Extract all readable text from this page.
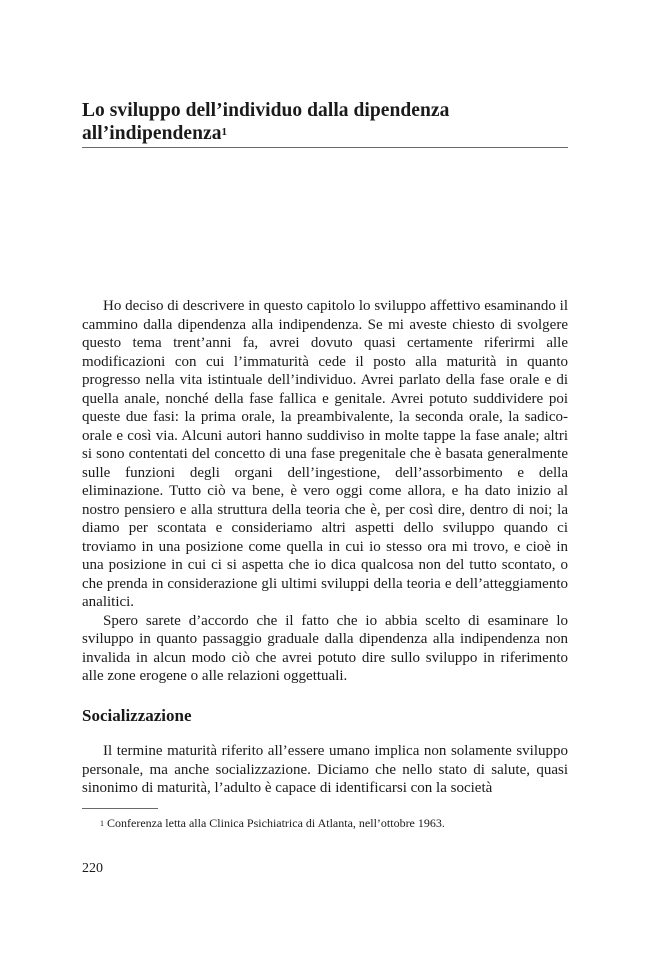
Lo sviluppo dell’individuo dalla dipendenza all’indipendenza$^1$

Ho deciso di descrivere in questo capitolo lo sviluppo affettivo esaminando il cammino dalla dipendenza alla indipendenza. Se mi aveste chiesto di svolgere questo tema trent’anni fa, avrei dovuto quasi certamente riferirmi alle modificazioni con cui l’immaturità cede il posto alla maturità in quanto progresso nella vita istintuale dell’individuo. Avrei parlato della fase orale e di quella anale, nonché della fase fallica e genitale. Avrei potuto suddividere poi queste due fasi: la prima orale, la preambivalente, la seconda orale, la sadico-orale e così via. Alcuni autori hanno suddiviso in molte tappe la fase anale; altri si sono contentati del concetto di una fase pregenitale che è basata generalmente sulle funzioni degli organi dell’ingestione, dell’assorbimento e della eliminazione. Tutto ciò va bene, è vero oggi come allora, e ha dato inizio al nostro pensiero e alla struttura della teoria che è, per così dire, dentro di noi; la diamo per scontata e consideriamo altri aspetti dello sviluppo quando ci troviamo in una posizione come quella in cui io stesso ora mi trovo, e cioè in una posizione in cui ci si aspetta che io dica qualcosa non del tutto scontato, o che prenda in considerazione gli ultimi sviluppi della teoria e dell’atteggiamento analitici.

Spero sarete d’accordo che il fatto che io abbia scelto di esaminare lo sviluppo in quanto passaggio graduale dalla dipendenza alla indipendenza non invalida in alcun modo ciò che avrei potuto dire sullo sviluppo in riferimento alle zone erogene o alle relazioni oggettuali.

Socializzazione

Il termine maturità riferito all’essere umano implica non solamente sviluppo personale, ma anche socializzazione. Diciamo che nello stato di salute, quasi sinonimo di maturità, l’adulto è capace di identificarsi con la società

$^1$ Conferenza letta alla Clinica Psichiatrica di Atlanta, nell’ottobre 1963.

220
